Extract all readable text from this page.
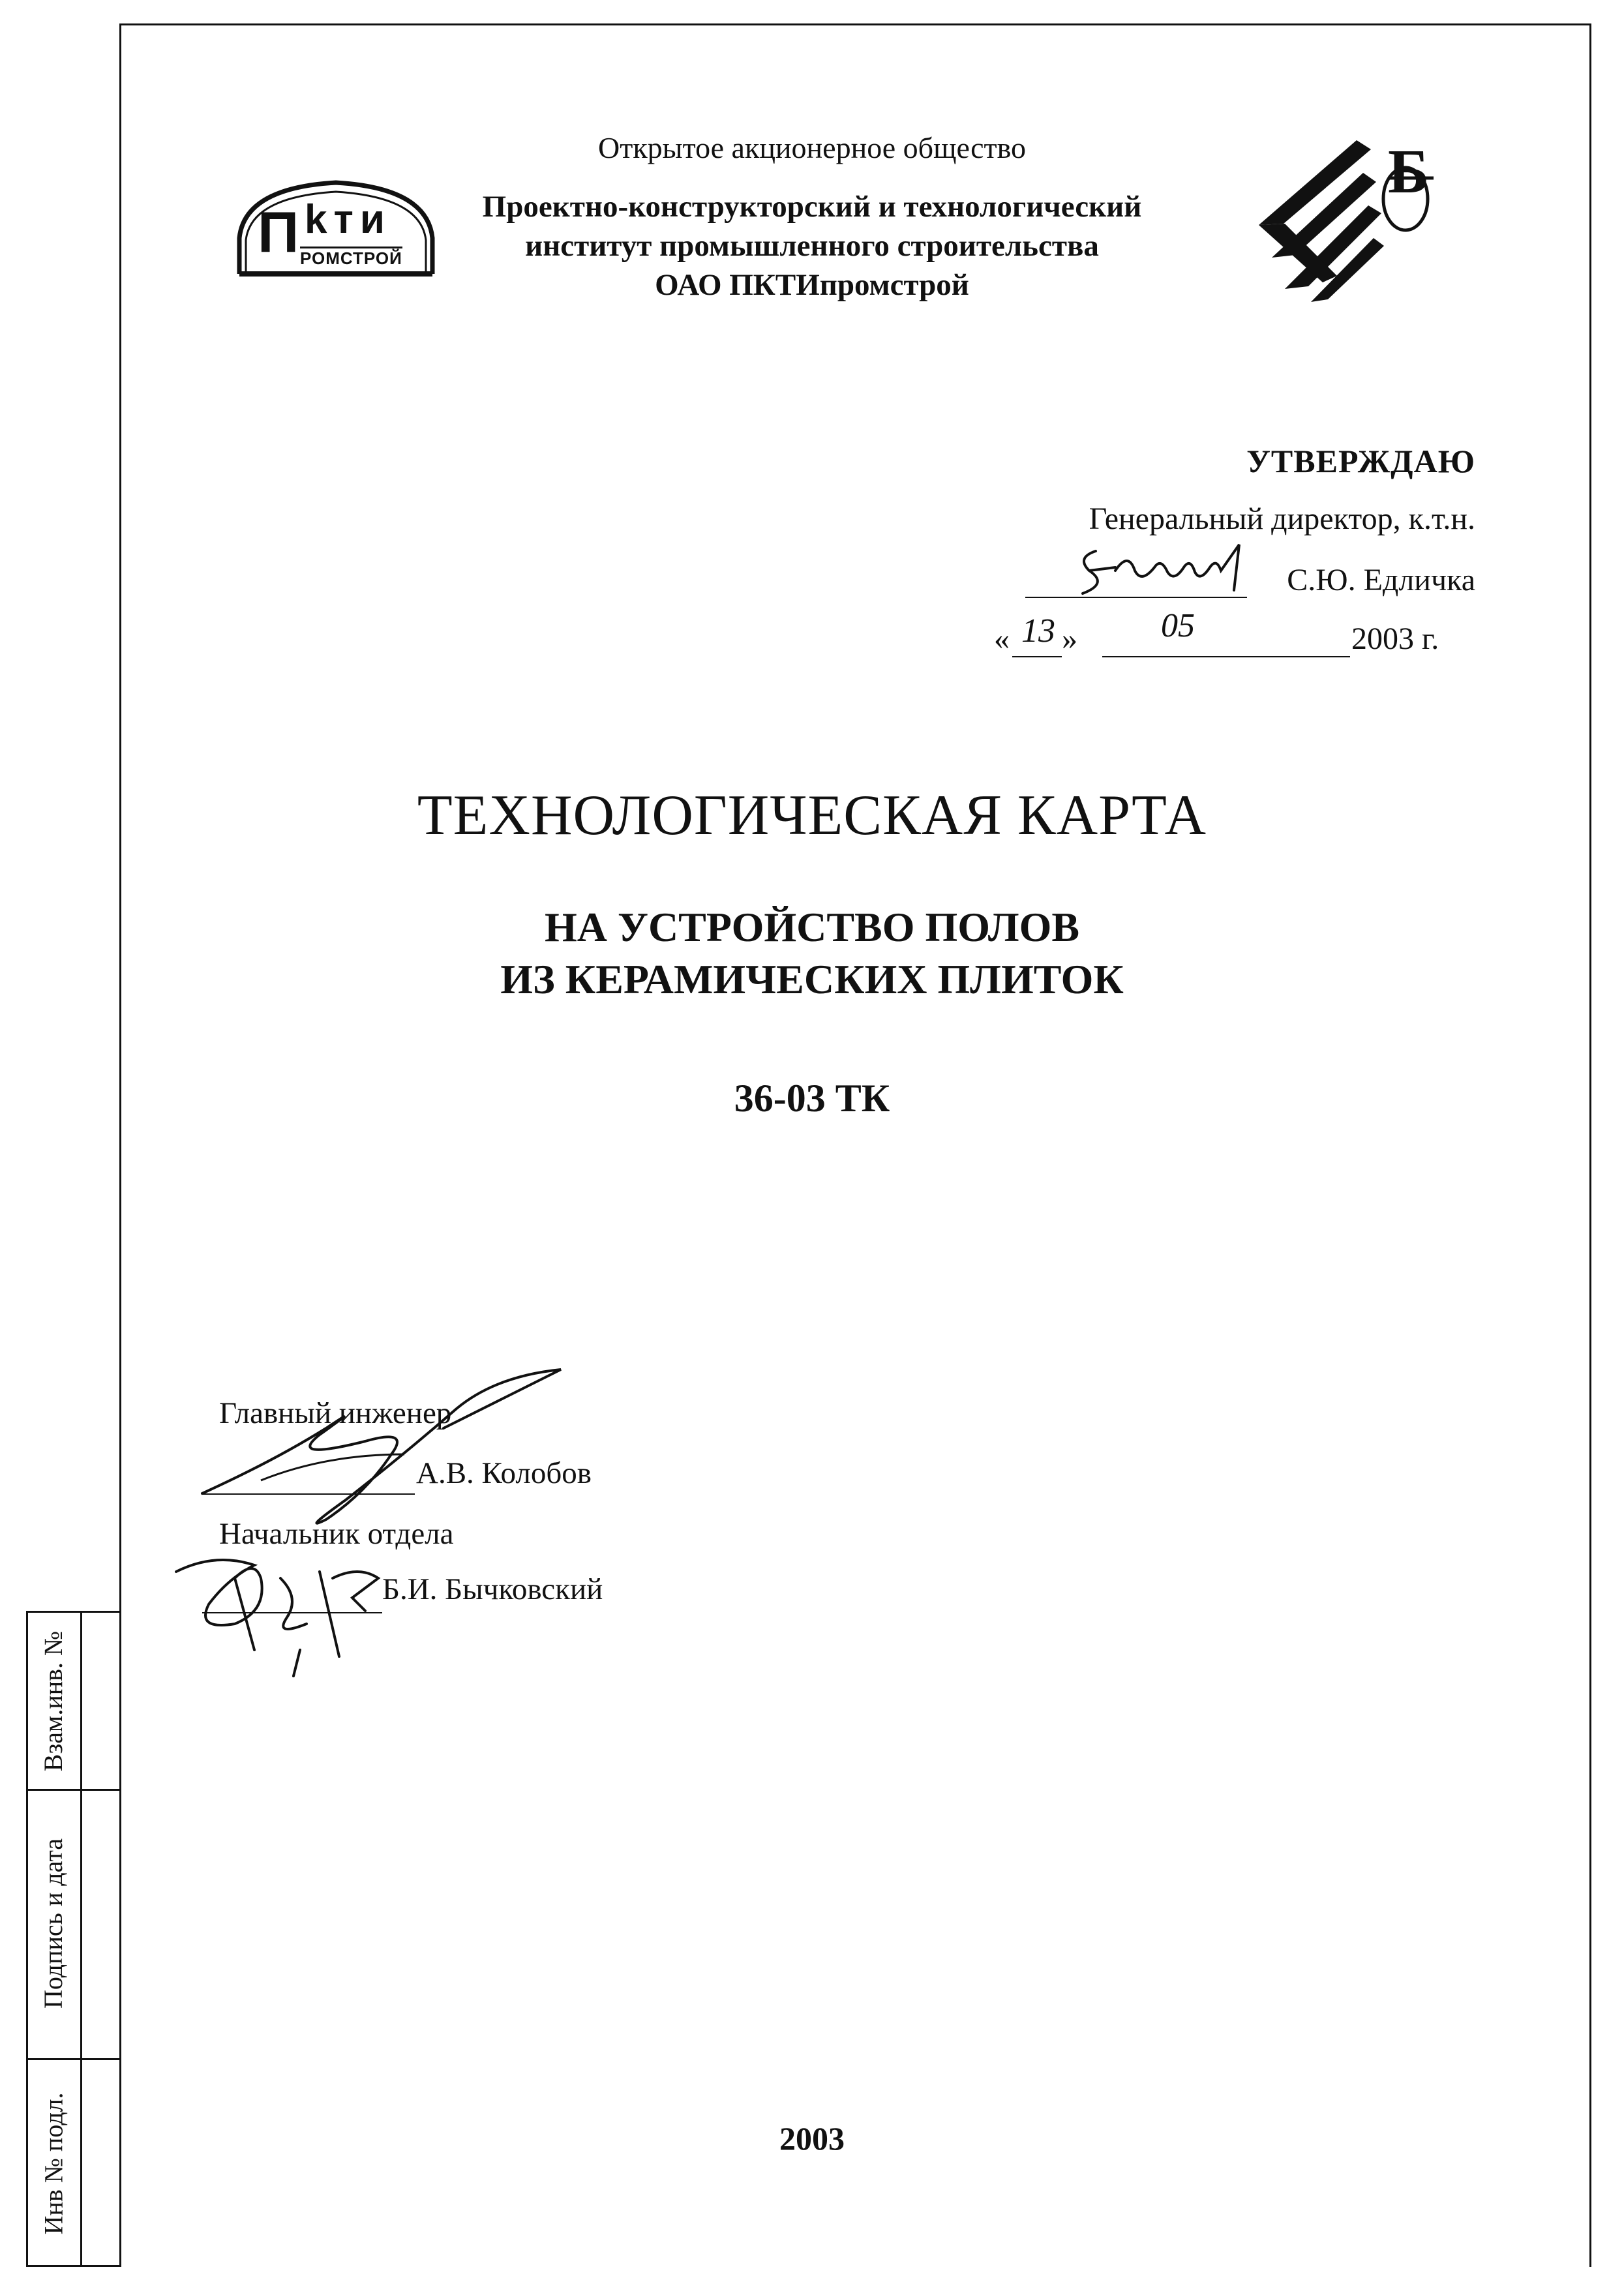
П kти
РОМСТРОЙ
Открытое акционерное общество
Проектно-конструкторский и технологический
институт промышленного строительства
ОАО ПКТИпромстрой
Б
УТВЕРЖДАЮ
Генеральный директор, к.т.н.
С.Ю. Едличка
« 13 » 05	2003 г.
ТЕХНОЛОГИЧЕСКАЯ КАРТА
НА УСТРОЙСТВО ПОЛОВ
ИЗ КЕРАМИЧЕСКИХ ПЛИТОК
36-03 ТК
Главный инженер
А.В. Колобов
Начальник отдела
Б.И. Бычковский
2003
Взам.инв. №
Подпись и дата
Инв № подл.
